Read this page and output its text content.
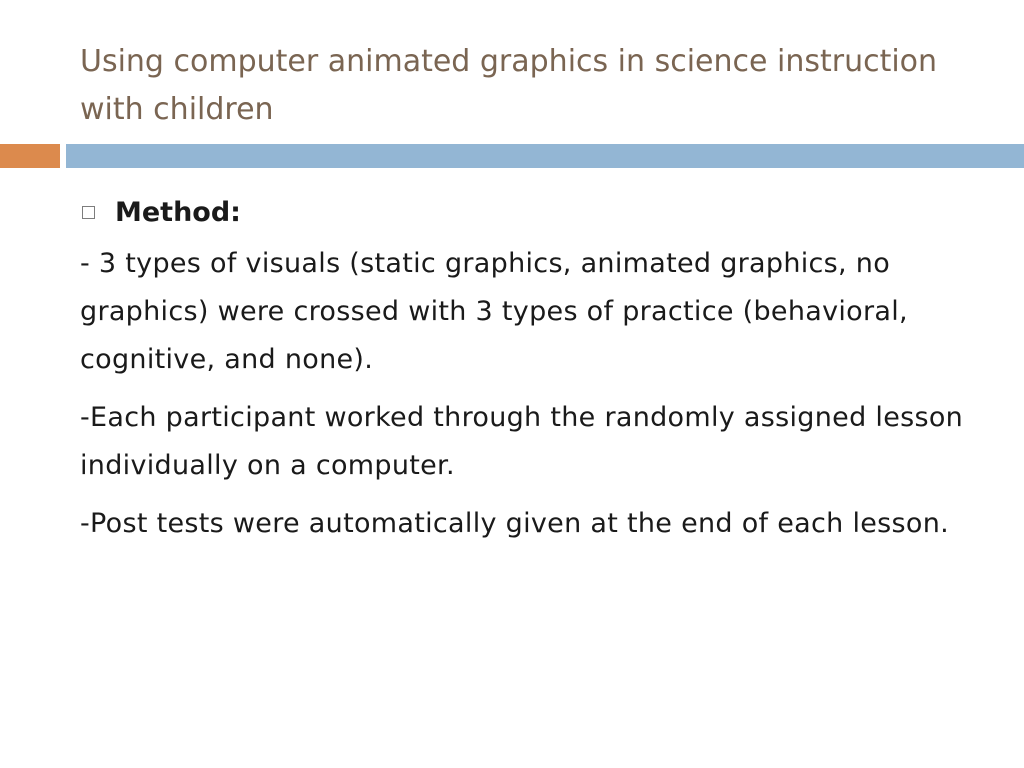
Using computer animated graphics in science instruction with children
Method:

- 3 types of visuals (static graphics, animated graphics, no graphics) were crossed with 3 types of practice (behavioral, cognitive, and none).

-Each participant worked through the randomly assigned lesson individually on a computer.

-Post tests were automatically given at the end of each lesson.
